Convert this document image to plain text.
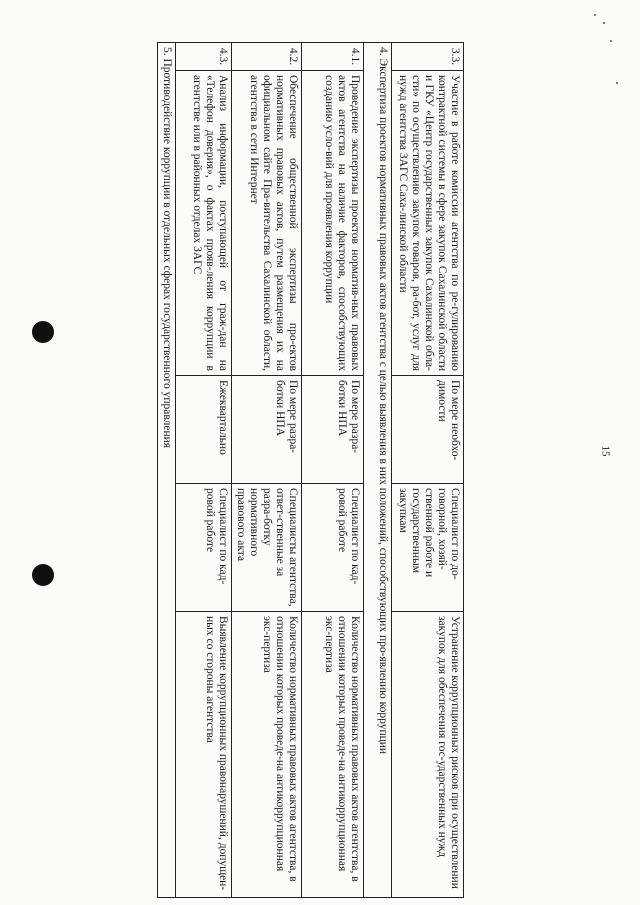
15
3.3.	Участие в работе комиссии агентства по ре-гулированию контрактной системы в сфере закупок Сахалинской области и ГКУ «Центр государственных закупок Сахалинской обла-сти» по осуществлению закупок товаров, ра-бот, услуг для нужд агентства ЗАГС Саха-линской области	По мере необхо-димости	Специалист по до-говорной, хозяй-ственной работе и государственным закупкам	Устранение коррупционных рисков при осуществлении закупок для обеспечения гос-ударственных нужд
4. Экспертиза проектов нормативных правовых актов агентства с целью выявления в них положений, способствующих про-явлению коррупции				
4.1.	Проведение экспертизы проектов норматив-ных правовых актов агентства на наличие факторов, способствующих созданию усло-вий для проявления коррупции	По мере разра-ботки НПА	Специалист по кад-ровой работе	Количество нормативных правовых актов агентства, в отношении которых проведе-на антикоррупционная экс-пертиза
4.2.	Обеспечение общественной экспертизы про-ектов нормативных правовых актов, путем размещения их на официальном сайте Пра-вительства Сахалинской области, агентства в сети Интернет	По мере разра-ботки НПА	Специалисты агентства, ответ-ственные за разра-ботку нормативного правового акта	Количество нормативных правовых актов агентства, в отношении которых проведе-на антикоррупционная экс-пертиза
4.3.	Анализ информации, поступающей от граж-дан на «Телефон доверия», о фактах прояв-ления коррупции в агентстве или в районных отделах ЗАГС	Ежеквартально	Специалист по кад-ровой работе	Выявление коррупционных правонарушений, допущен-ных со стороны агентства
5. Противодействие коррупции в отдельных сферах государственного управления				
